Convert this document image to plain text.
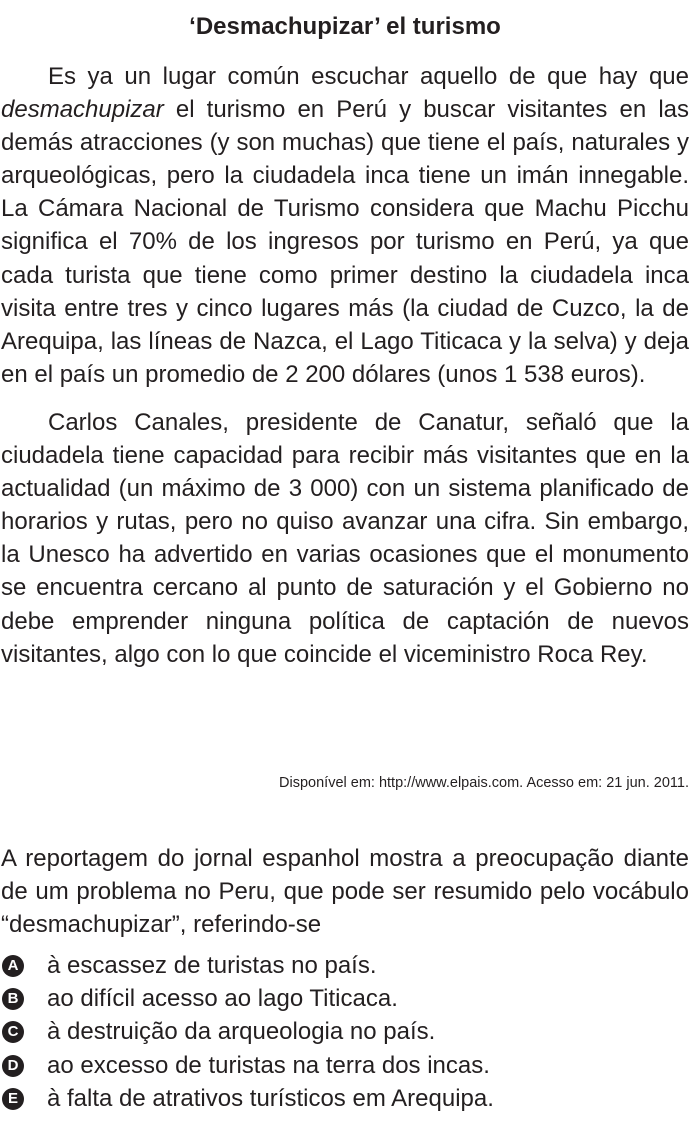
‘Desmachupizar’ el turismo

Es ya un lugar común escuchar aquello de que hay que desmachupizar el turismo en Perú y buscar visitantes en las demás atracciones (y son muchas) que tiene el país, naturales y arqueológicas, pero la ciudadela inca tiene un imán innegable. La Cámara Nacional de Turismo considera que Machu Picchu significa el 70% de los ingresos por turismo en Perú, ya que cada turista que tiene como primer destino la ciudadela inca visita entre tres y cinco lugares más (la ciudad de Cuzco, la de Arequipa, las líneas de Nazca, el Lago Titicaca y la selva) y deja en el país un promedio de 2 200 dólares (unos 1 538 euros).

Carlos Canales, presidente de Canatur, señaló que la ciudadela tiene capacidad para recibir más visitantes que en la actualidad (un máximo de 3 000) con un sistema planificado de horarios y rutas, pero no quiso avanzar una cifra. Sin embargo, la Unesco ha advertido en varias ocasiones que el monumento se encuentra cercano al punto de saturación y el Gobierno no debe emprender ninguna política de captación de nuevos visitantes, algo con lo que coincide el viceministro Roca Rey.

Disponível em: http://www.elpais.com. Acesso em: 21 jun. 2011.

A reportagem do jornal espanhol mostra a preocupação diante de um problema no Peru, que pode ser resumido pelo vocábulo “desmachupizar”, referindo-se

A à escassez de turistas no país.
B ao difícil acesso ao lago Titicaca.
C à destruição da arqueologia no país.
D ao excesso de turistas na terra dos incas.
E à falta de atrativos turísticos em Arequipa.
